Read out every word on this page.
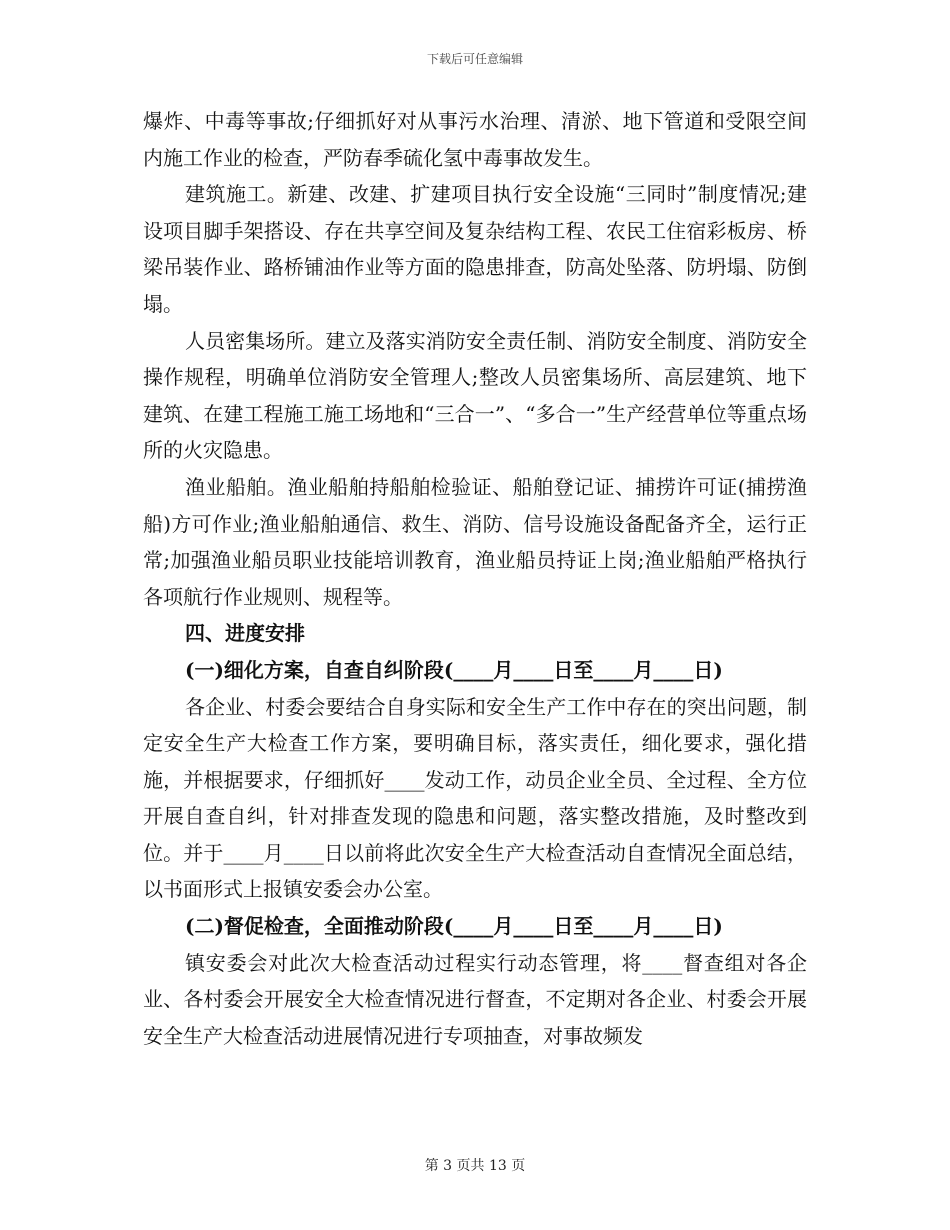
下载后可任意编辑

爆炸、中毒等事故;仔细抓好对从事污水治理、清淤、地下管道和受限空间内施工作业的检查，严防春季硫化氢中毒事故发生。

建筑施工。新建、改建、扩建项目执行安全设施“三同时”制度情况;建设项目脚手架搭设、存在共享空间及复杂结构工程、农民工住宿彩板房、桥梁吊装作业、路桥铺油作业等方面的隐患排查，防高处坠落、防坍塌、防倒塌。

人员密集场所。建立及落实消防安全责任制、消防安全制度、消防安全操作规程，明确单位消防安全管理人;整改人员密集场所、高层建筑、地下建筑、在建工程施工施工场地和“三合一”、“多合一”生产经营单位等重点场所的火灾隐患。

渔业船舶。渔业船舶持船舶检验证、船舶登记证、捕捞许可证(捕捞渔船)方可作业;渔业船舶通信、救生、消防、信号设施设备配备齐全，运行正常;加强渔业船员职业技能培训教育，渔业船员持证上岗;渔业船舶严格执行各项航行作业规则、规程等。

四、进度安排

(一)细化方案，自查自纠阶段(____月____日至____月____日)

各企业、村委会要结合自身实际和安全生产工作中存在的突出问题，制定安全生产大检查工作方案，要明确目标，落实责任，细化要求，强化措施，并根据要求，仔细抓好____发动工作，动员企业全员、全过程、全方位开展自查自纠，针对排查发现的隐患和问题，落实整改措施，及时整改到位。并于____月____日以前将此次安全生产大检查活动自查情况全面总结，以书面形式上报镇安委会办公室。

(二)督促检查，全面推动阶段(____月____日至____月____日)

镇安委会对此次大检查活动过程实行动态管理，将____督查组对各企业、各村委会开展安全大检查情况进行督查，不定期对各企业、村委会开展安全生产大检查活动进展情况进行专项抽查，对事故频发

第 3 页共 13 页
